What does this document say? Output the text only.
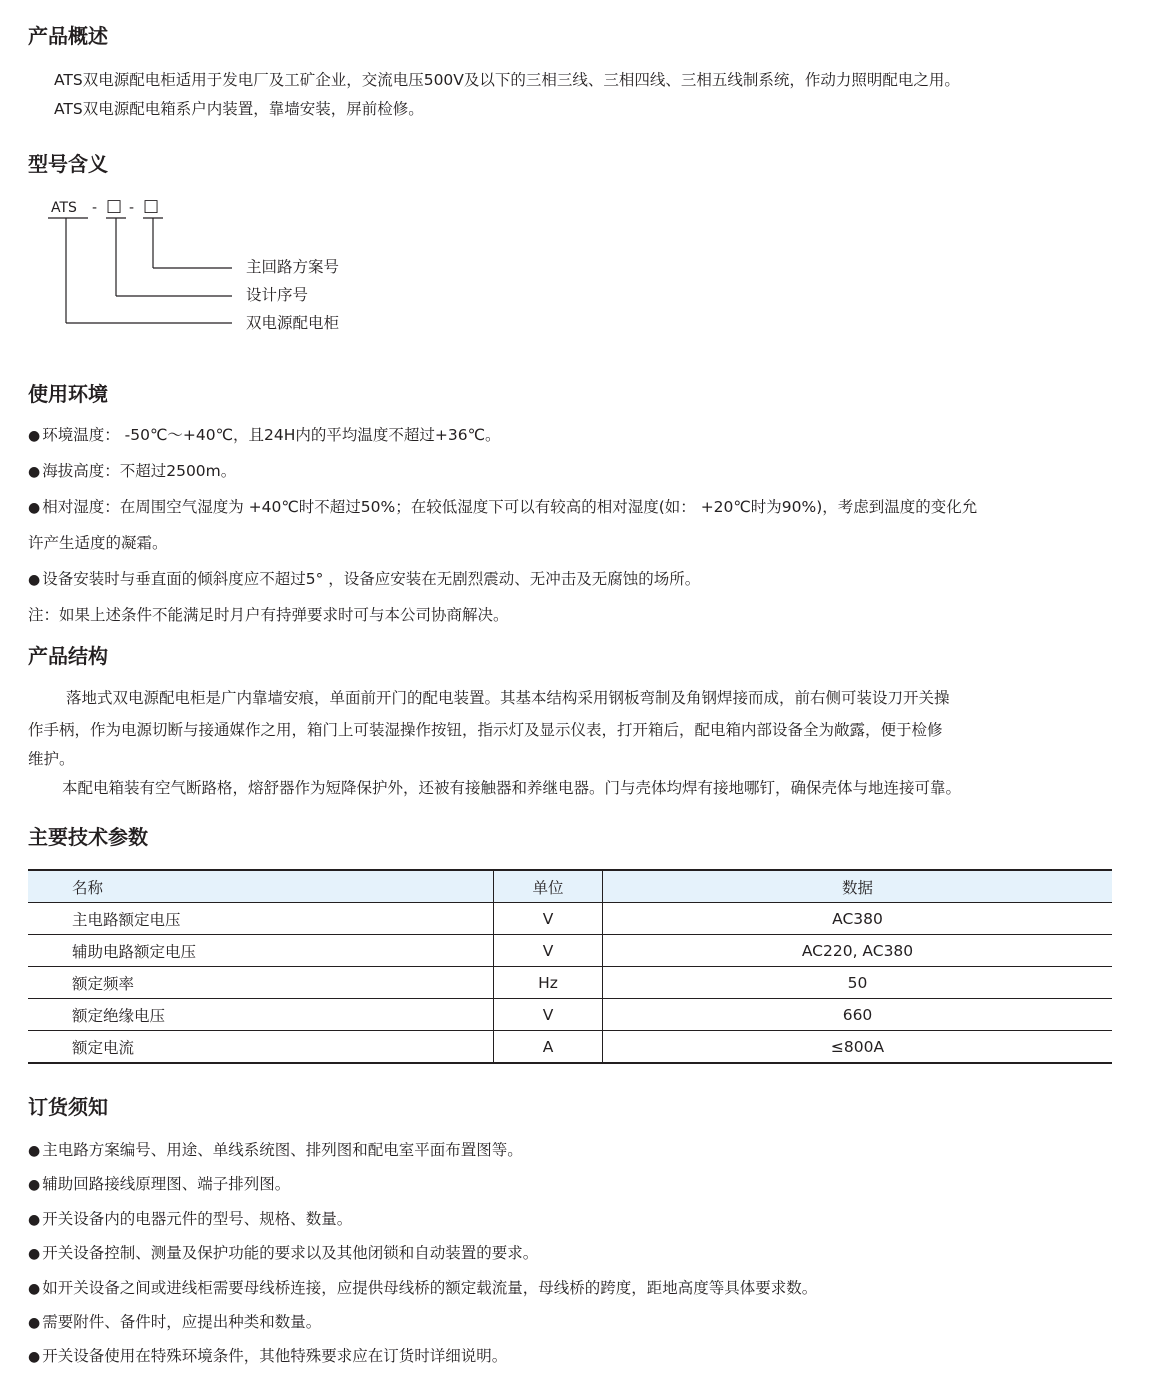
产品概述

ATS双电源配电柜适用于发电厂及工矿企业，交流电压500V及以下的三相三线、三相四线、三相五线制系统，作动力照明配电之用。

ATS双电源配电箱系户内装置，靠墙安装，屏前检修。

型号含义
ATS - □ - □
主回路方案号
设计序号
双电源配电柜
使用环境
● 环境温度： -50℃～+40℃，且24H内的平均温度不超过+36℃。
● 海拔高度：不超过2500m。
● 相对湿度：在周围空气湿度为 +40℃时不超过50%；在较低湿度下可以有较高的相对湿度(如： +20℃时为90%)，考虑到温度的变化允

许产生适度的凝霜。

● 设备安装时与垂直面的倾斜度应不超过5° ，设备应安装在无剧烈震动、无冲击及无腐蚀的场所。

注：如果上述条件不能满足时月户有持弹要求时可与本公司协商解决。

产品结构

落地式双电源配电柜是广内靠墙安痕，单面前开门的配电装置。其基本结构采用钢板弯制及角钢焊接而成，前右侧可装设刀开关操

作手柄，作为电源切断与接通媒作之用，箱门上可装湿操作按钮，指示灯及显示仪表，打开箱后，配电箱内部设备全为敞露，便于检修

维护。

本配电箱装有空气断路格，熔舒器作为短降保护外，还被有接触器和养继电器。门与壳体均焊有接地哪钉，确保壳体与地连接可靠。

主要技术参数
名称	单位	数据
主电路额定电压	V	AC380
辅助电路额定电压	V	AC220, AC380
额定频率	Hz	50
额定绝缘电压	V	660
额定电流	A	≤800A
订货须知
● 主电路方案编号、用途、单线系统图、排列图和配电室平面布置图等。
● 辅助回路接线原理图、端子排列图。
● 开关设备内的电器元件的型号、规格、数量。
● 开关设备控制、测量及保护功能的要求以及其他闭锁和自动装置的要求。
● 如开关设备之间或进线柜需要母线桥连接，应提供母线桥的额定载流量，母线桥的跨度，距地高度等具体要求数。
● 需要附件、备件时，应提出种类和数量。
● 开关设备使用在特殊环境条件，其他特殊要求应在订货时详细说明。
